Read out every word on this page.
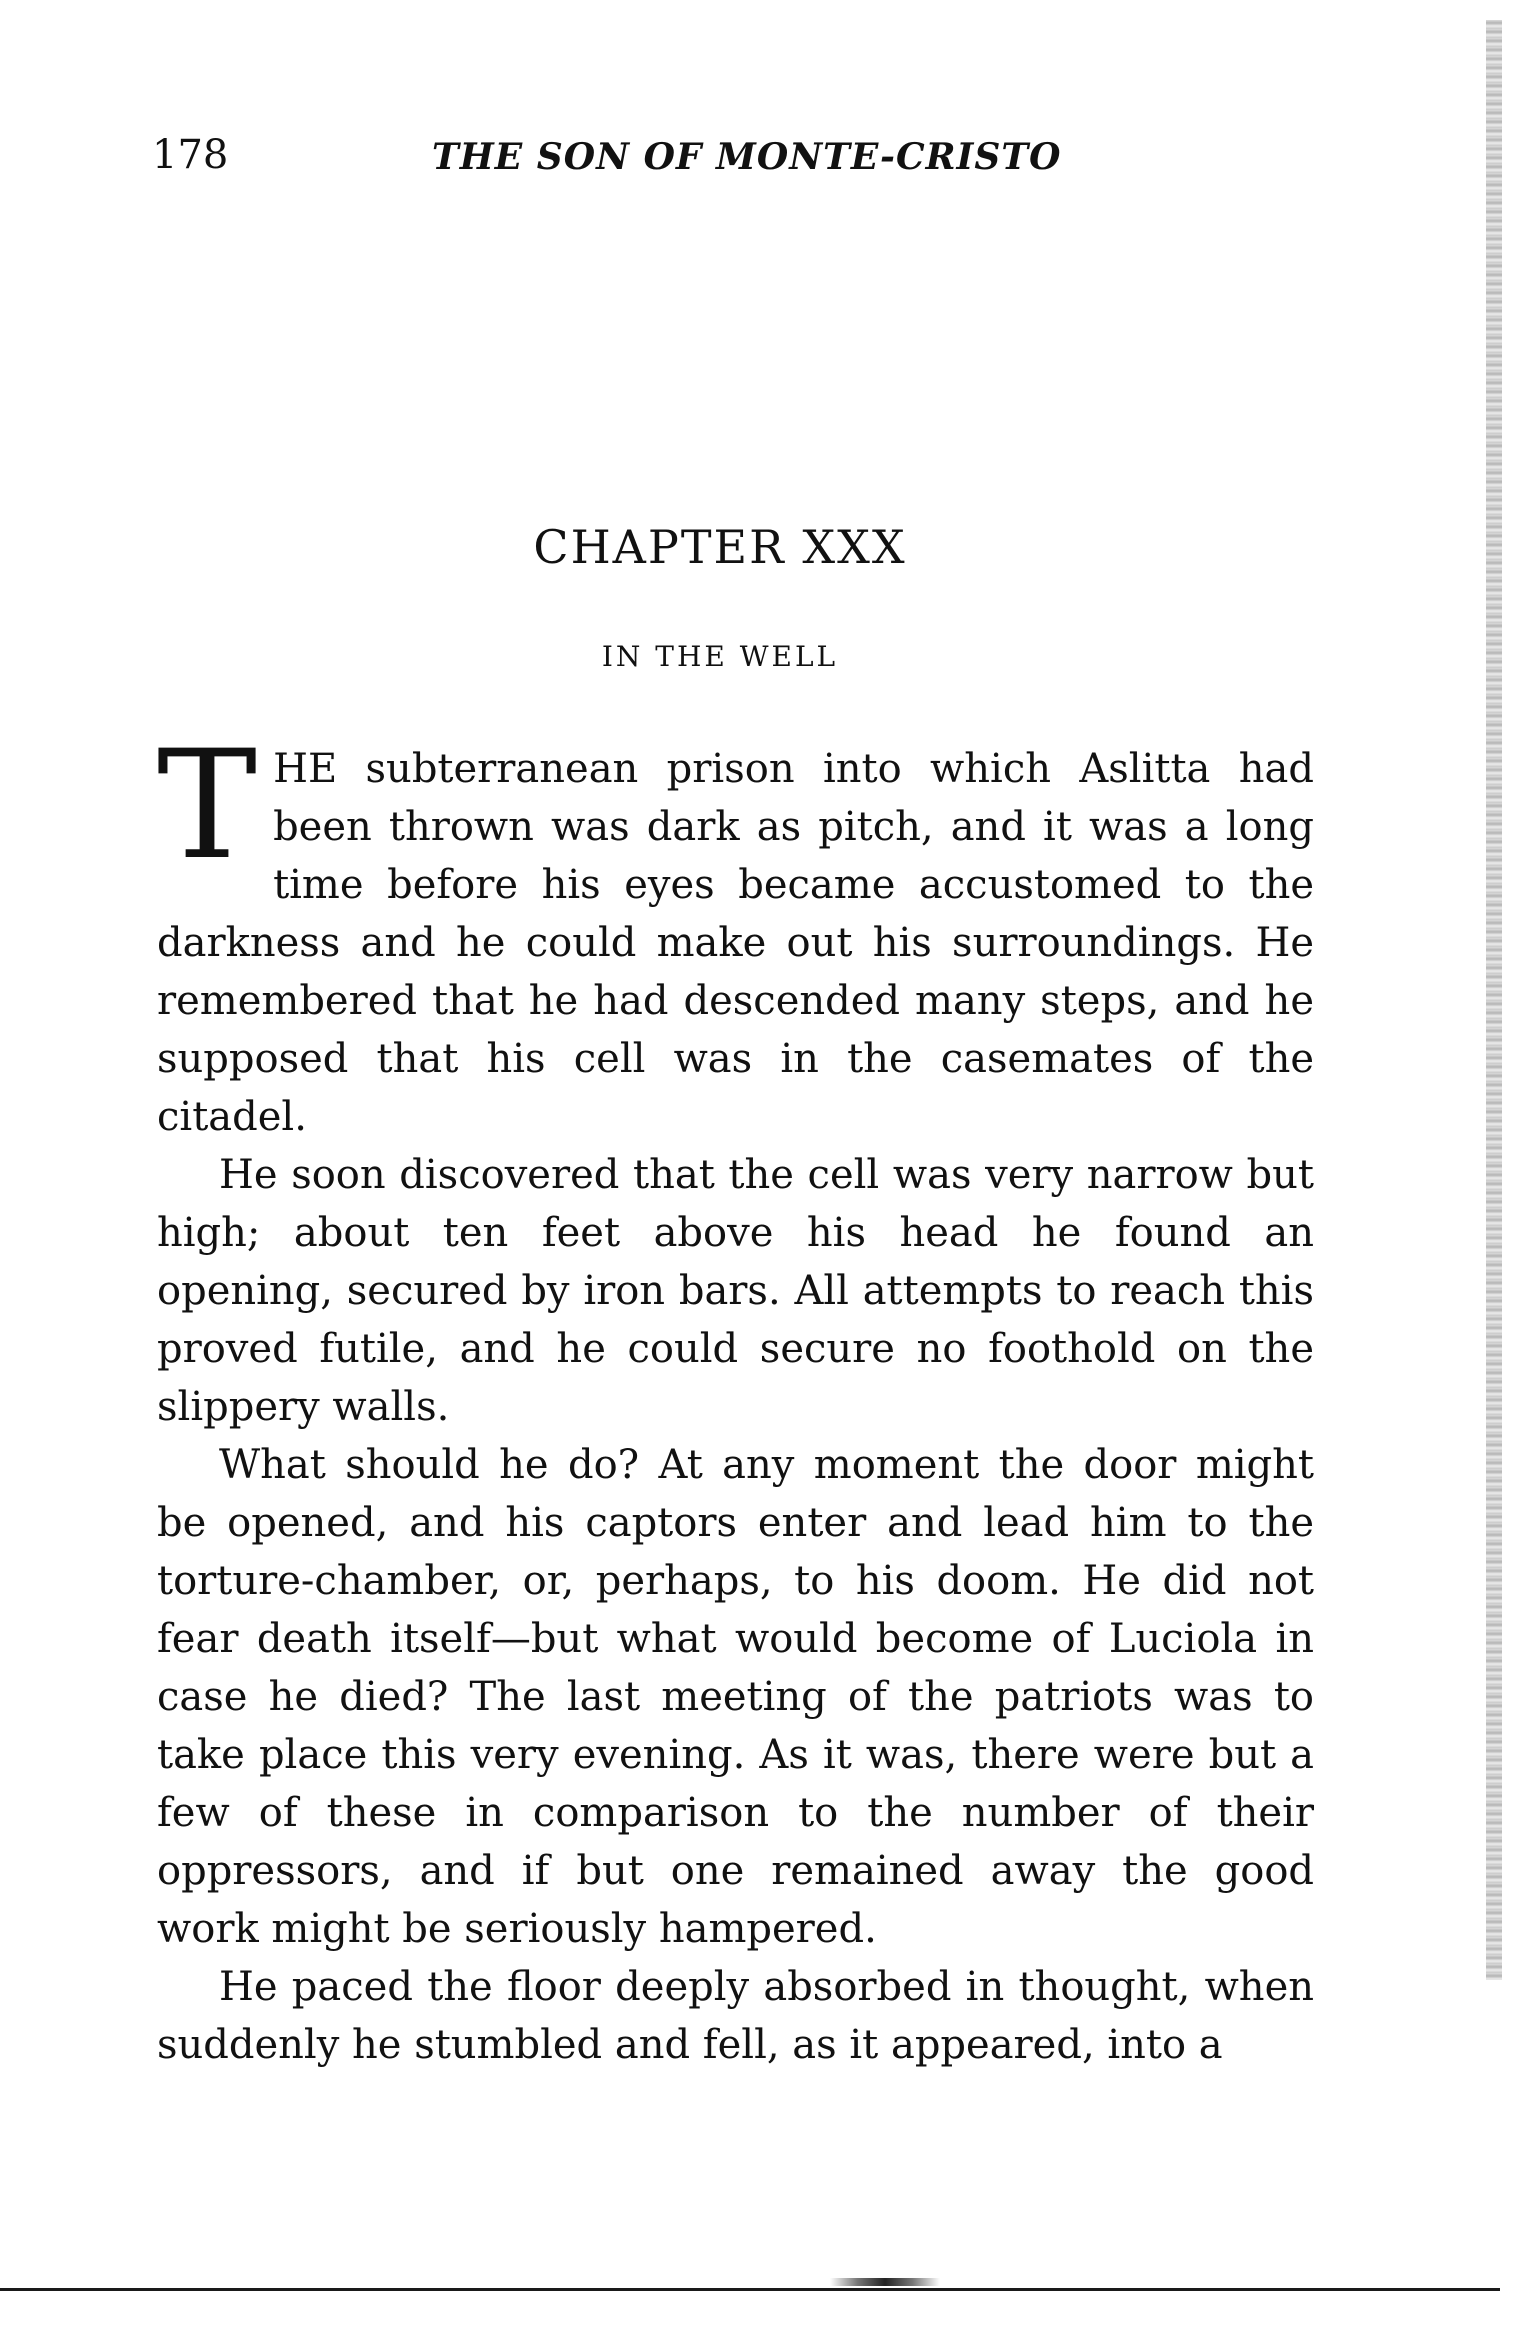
178	THE SON OF MONTE-CRISTO
CHAPTER XXX
IN THE WELL

THE subterranean prison into which Aslitta had been thrown was dark as pitch, and it was a long time before his eyes became accustomed to the darkness and he could make out his surroundings. He remembered that he had descended many steps, and he supposed that his cell was in the casemates of the citadel.

He soon discovered that the cell was very narrow but high; about ten feet above his head he found an opening, secured by iron bars. All attempts to reach this proved futile, and he could secure no foothold on the slippery walls.

What should he do? At any moment the door might be opened, and his captors enter and lead him to the torture-chamber, or, perhaps, to his doom. He did not fear death itself—but what would become of Luciola in case he died? The last meeting of the patriots was to take place this very evening. As it was, there were but a few of these in comparison to the number of their oppressors, and if but one remained away the good work might be seriously hampered.

He paced the floor deeply absorbed in thought, when suddenly he stumbled and fell, as it appeared, into a
